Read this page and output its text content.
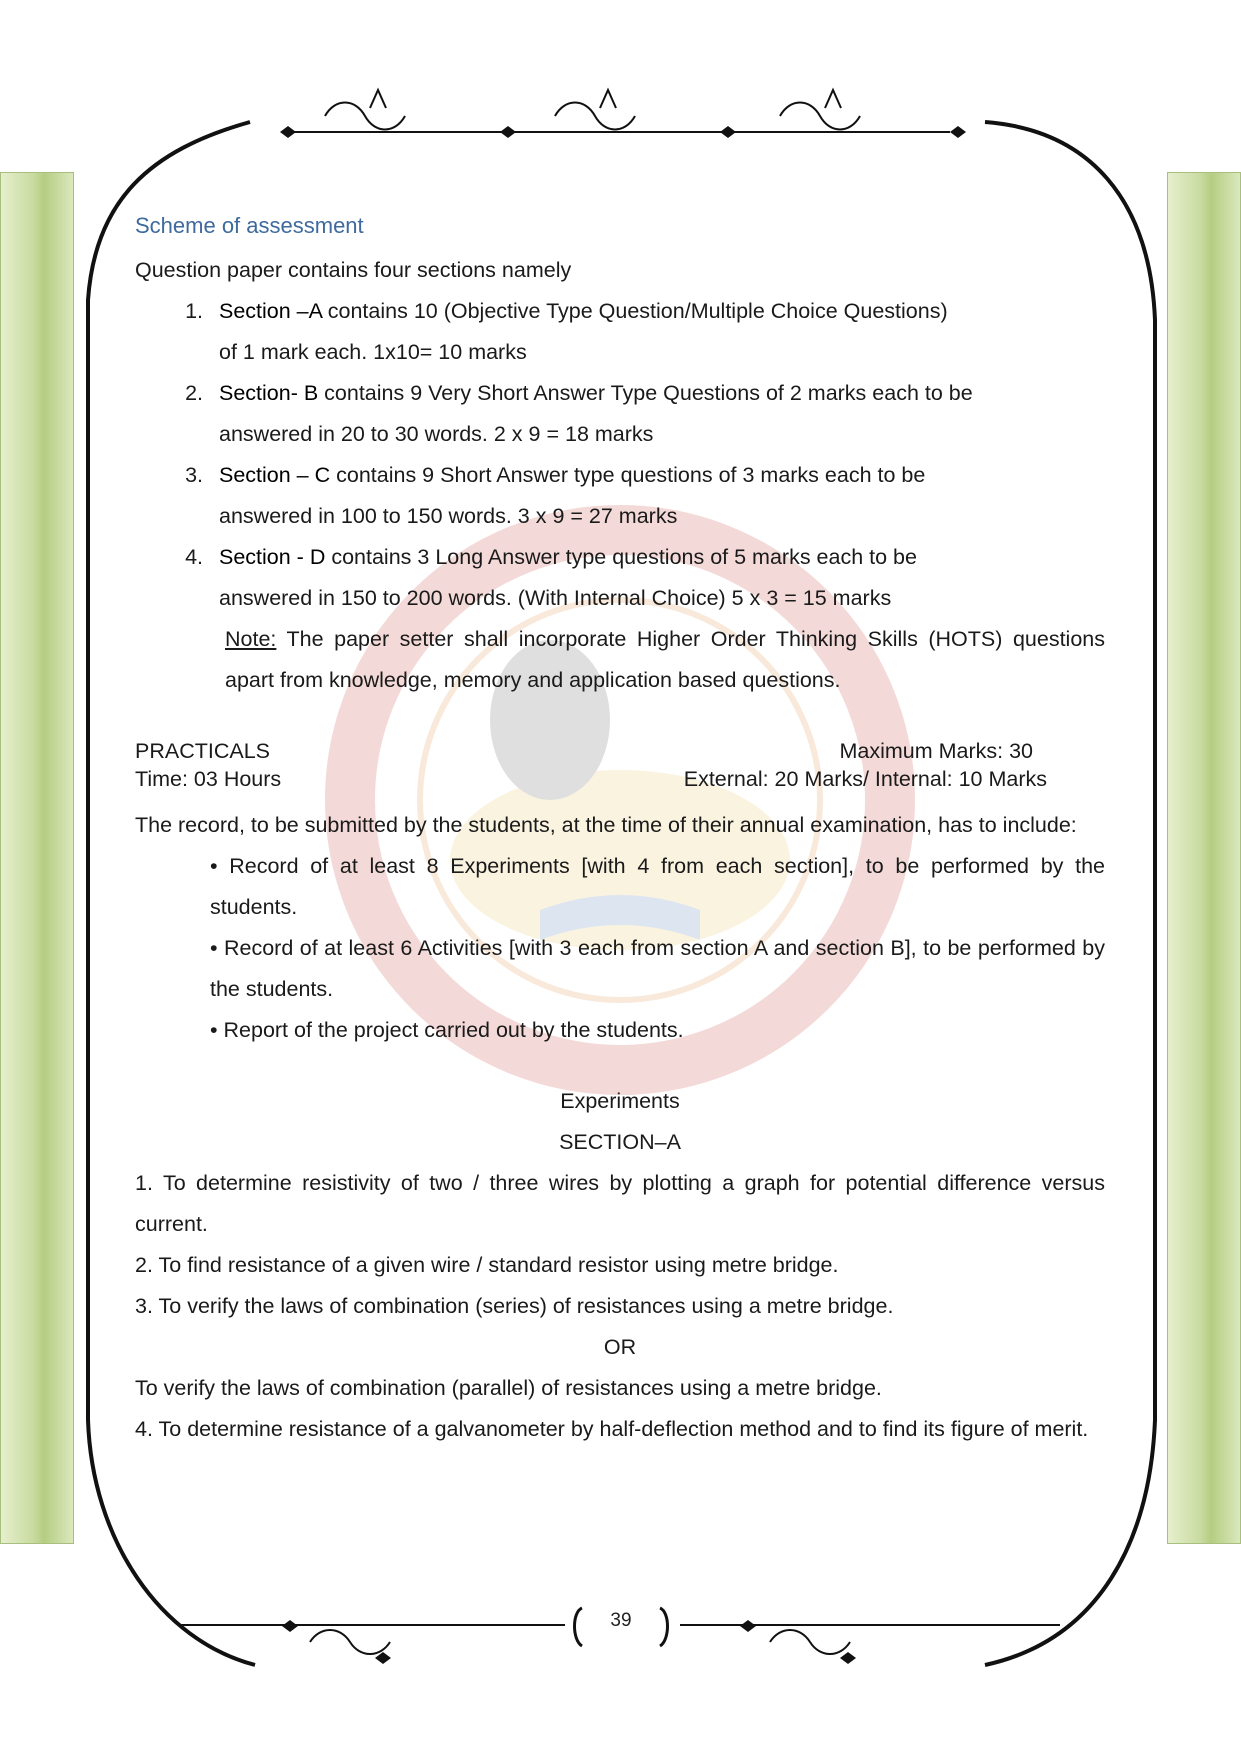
Scheme of assessment
Question paper contains four sections namely
1. Section –A contains 10 (Objective Type Question/Multiple Choice Questions)
of 1 mark each. 1x10= 10 marks
2. Section- B contains 9 Very Short Answer Type Questions of 2 marks each to be
answered in 20 to 30 words. 2 x 9 = 18 marks
3. Section – C contains 9 Short Answer type questions of 3 marks each to be
answered in 100 to 150 words. 3 x 9 = 27 marks
4. Section - D contains 3 Long Answer type questions of 5 marks each to be
answered in 150 to 200 words. (With Internal Choice) 5 x 3 = 15 marks
Note: The paper setter shall incorporate Higher Order Thinking Skills (HOTS) questions apart from knowledge, memory and application based questions.
PRACTICALS	Maximum Marks: 30
Time: 03 Hours	External: 20 Marks/ Internal: 10 Marks
The record, to be submitted by the students, at the time of their annual examination, has to include:
• Record of at least 8 Experiments [with 4 from each section], to be performed by the students.
• Record of at least 6 Activities [with 3 each from section A and section B], to be performed by the students.
• Report of the project carried out by the students.
Experiments
SECTION–A
1. To determine resistivity of two / three wires by plotting a graph for potential difference versus current.
2. To find resistance of a given wire / standard resistor using metre bridge.
3. To verify the laws of combination (series) of resistances using a metre bridge.
OR
To verify the laws of combination (parallel) of resistances using a metre bridge.
4. To determine resistance of a galvanometer by half-deflection method and to find its figure of merit.
39
